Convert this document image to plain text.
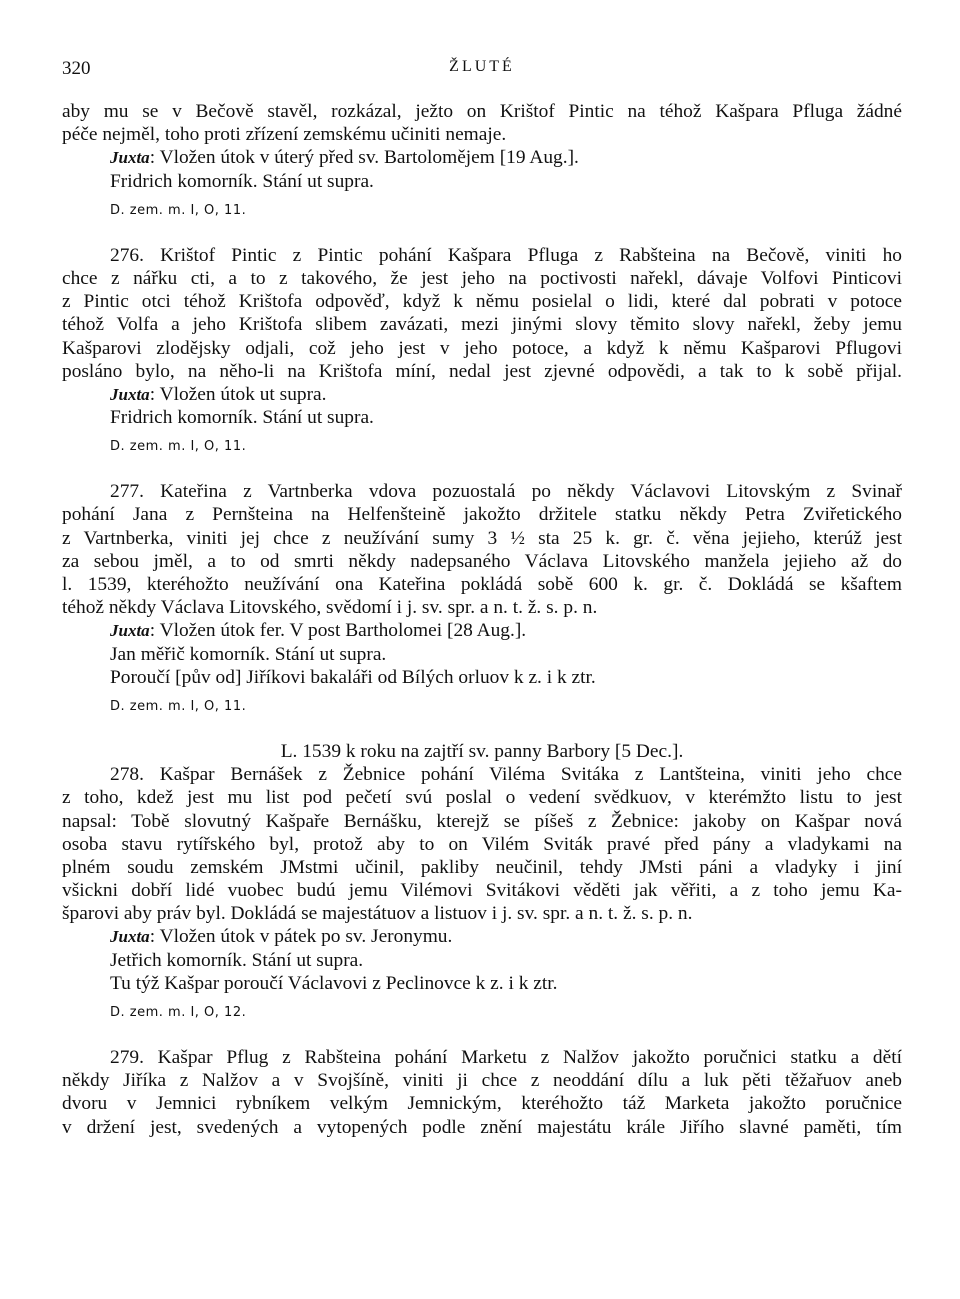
320	ŽLUTÉ
aby mu se v Bečově stavěl, rozkázal, ježto on Krištof Pintic na téhož Kašpara Pfluga žádné
péče nejměl, toho proti zřízení zemskému učiniti nemaje.
Juxta: Vložen útok v úterý před sv. Bartolomějem [19 Aug.].
Fridrich komorník. Stání ut supra.
D. zem. m. I, O, 11.
276. Krištof Pintic z Pintic pohání Kašpara Pfluga z Rabšteina na Bečově, viniti ho
chce z nářku cti, a to z takového, že jest jeho na poctivosti nařekl, dávaje Volfovi Pinticovi
z Pintic otci téhož Krištofa odpověď, když k němu posielal o lidi, které dal pobrati v potoce
téhož Volfa a jeho Krištofa slibem zavázati, mezi jinými slovy těmito slovy nařekl, žeby jemu
Kašparovi zlodějsky odjali, což jeho jest v jeho potoce, a když k němu Kašparovi Pflugovi
posláno bylo, na něho-li na Krištofa míní, nedal jest zjevné odpovědi, a tak to k sobě přijal.
Juxta: Vložen útok ut supra.
Fridrich komorník. Stání ut supra.
D. zem. m. I, O, 11.
277. Kateřina z Vartnberka vdova pozuostalá po někdy Václavovi Litovským z Svinař
pohání Jana z Pernšteina na Helfenšteině jakožto držitele statku někdy Petra Zviřetického
z Vartnberka, viniti jej chce z neužívání sumy 3 ½ sta 25 k. gr. č. věna jejieho, kterúž jest
za sebou jměl, a to od smrti někdy nadepsaného Václava Litovského manžela jejieho až do
l. 1539, kteréhožto neužívání ona Kateřina pokládá sobě 600 k. gr. č. Dokládá se kšaftem
téhož někdy Václava Litovského, svědomí i j. sv. spr. a n. t. ž. s. p. n.
Juxta: Vložen útok fer. V post Bartholomei [28 Aug.].
Jan měřič komorník. Stání ut supra.
Poroučí [pův od] Jiříkovi bakaláři od Bílých orluov k z. i k ztr.
D. zem. m. I, O, 11.
L. 1539 k roku na zajtří sv. panny Barbory [5 Dec.].
278. Kašpar Bernášek z Žebnice pohání Viléma Svitáka z Lantšteina, viniti jeho chce
z toho, kdež jest mu list pod pečetí svú poslal o vedení svědkuov, v kterémžto listu to jest
napsal: Tobě slovutný Kašpaře Bernášku, kterejž se píšeš z Žebnice: jakoby on Kašpar nová
osoba stavu rytířského byl, protož aby to on Vilém Sviták pravé před pány a vladykami na
plném soudu zemském JMstmi učinil, pakliby neučinil, tehdy JMsti páni a vladyky i jiní
všickni dobří lidé vuobec budú jemu Vilémovi Svitákovi věděti jak věřiti, a z toho jemu Ka-
šparovi aby práv byl. Dokládá se majestátuov a listuov i j. sv. spr. a n. t. ž. s. p. n.
Juxta: Vložen útok v pátek po sv. Jeronymu.
Jetřich komorník. Stání ut supra.
Tu týž Kašpar poroučí Václavovi z Peclinovce k z. i k ztr.
D. zem. m. I, O, 12.
279. Kašpar Pflug z Rabšteina pohání Marketu z Nalžov jakožto poručnici statku a dětí
někdy Jiříka z Nalžov a v Svojšíně, viniti ji chce z neoddání dílu a luk pěti těžařuov aneb
dvoru v Jemnici rybníkem velkým Jemnickým, kteréhožto táž Marketa jakožto poručnice
v držení jest, svedených a vytopených podle znění majestátu krále Jiřího slavné paměti, tím
